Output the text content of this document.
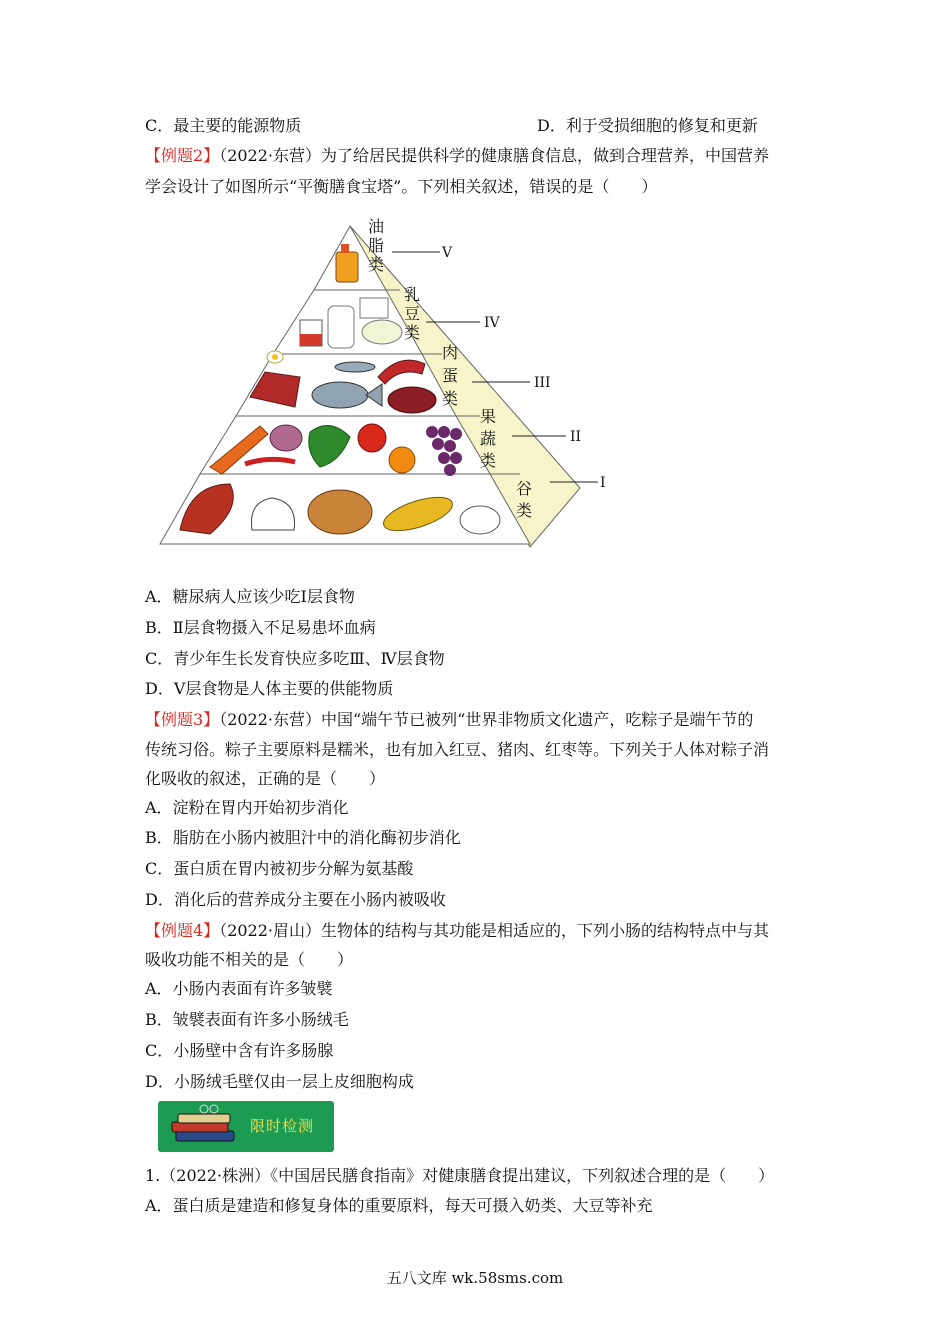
C．最主要的能源物质	D．利于受损细胞的修复和更新
【例题2】（2022·东营）为了给居民提供科学的健康膳食信息，做到合理营养，中国营养
学会设计了如图所示“平衡膳食宝塔”。下列相关叙述，错误的是（　　）
油脂类
乳豆类
肉蛋类
果蔬类
谷类
V
IV
III
II
I
A．糖尿病人应该少吃Ⅰ层食物
B．Ⅱ层食物摄入不足易患坏血病
C．青少年生长发育快应多吃Ⅲ、Ⅳ层食物
D．Ⅴ层食物是人体主要的供能物质
【例题3】（2022·东营）中国“端午节已被列“世界非物质文化遗产，吃粽子是端午节的
传统习俗。粽子主要原料是糯米，也有加入红豆、猪肉、红枣等。下列关于人体对粽子消
化吸收的叙述，正确的是（　　）
A．淀粉在胃内开始初步消化
B．脂肪在小肠内被胆汁中的消化酶初步消化
C．蛋白质在胃内被初步分解为氨基酸
D．消化后的营养成分主要在小肠内被吸收
【例题4】（2022·眉山）生物体的结构与其功能是相适应的，下列小肠的结构特点中与其
吸收功能不相关的是（　　）
A．小肠内表面有许多皱襞
B．皱襞表面有许多小肠绒毛
C．小肠壁中含有许多肠腺
D．小肠绒毛壁仅由一层上皮细胞构成
限时检测
1.（2022·株洲）《中国居民膳食指南》对健康膳食提出建议，下列叙述合理的是（　　）
A．蛋白质是建造和修复身体的重要原料，每天可摄入奶类、大豆等补充
五八文库 wk.58sms.com
